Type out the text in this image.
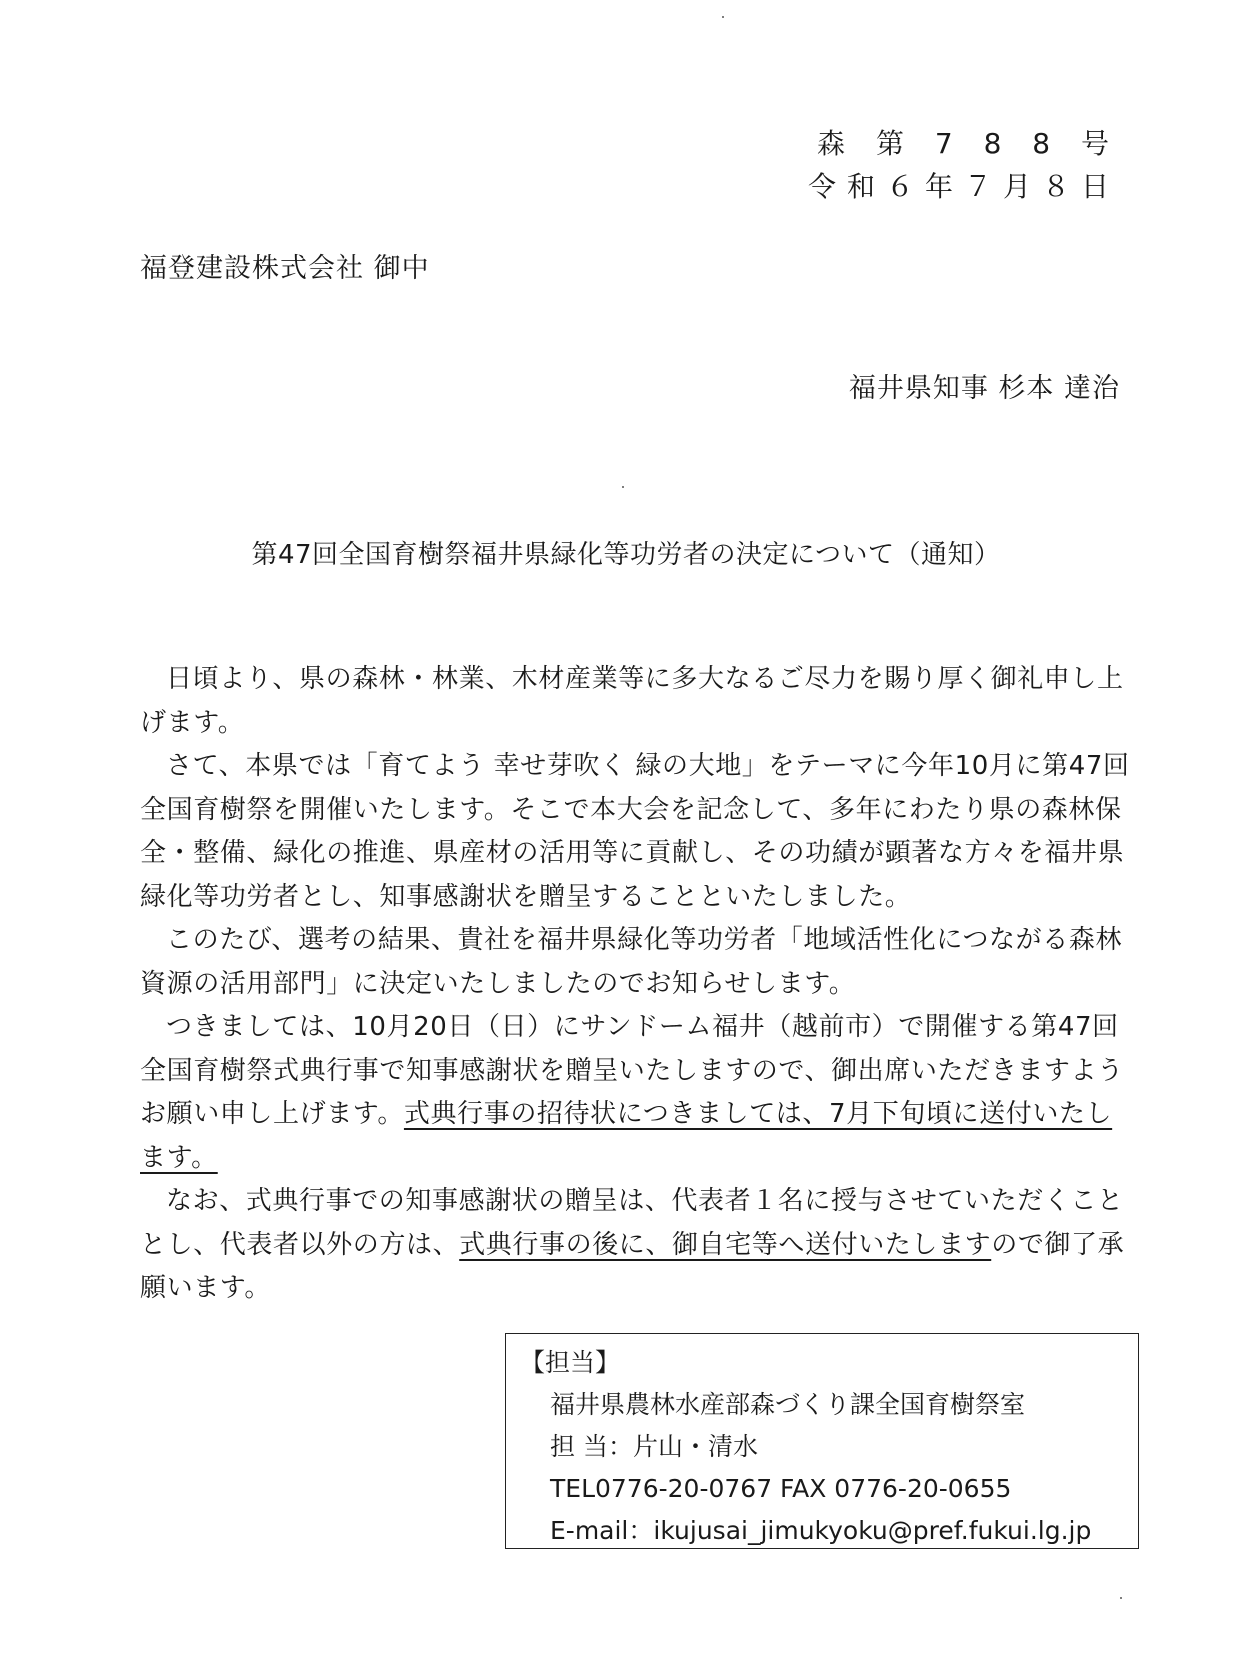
森 第 7 8 8 号
令和６年７月８日
福登建設株式会社 御中
福井県知事 杉本 達治
第47回全国育樹祭福井県緑化等功労者の決定について（通知）

日頃より、県の森林・林業、木材産業等に多大なるご尽力を賜り厚く御礼申し上げます。

さて、本県では「育てよう 幸せ芽吹く 緑の大地」をテーマに今年10月に第47回全国育樹祭を開催いたします。そこで本大会を記念して、多年にわたり県の森林保全・整備、緑化の推進、県産材の活用等に貢献し、その功績が顕著な方々を福井県緑化等功労者とし、知事感謝状を贈呈することといたしました。

このたび、選考の結果、貴社を福井県緑化等功労者「地域活性化につながる森林資源の活用部門」に決定いたしましたのでお知らせします。

つきましては、10月20日（日）にサンドーム福井（越前市）で開催する第47回全国育樹祭式典行事で知事感謝状を贈呈いたしますので、御出席いただきますようお願い申し上げます。式典行事の招待状につきましては、7月下旬頃に送付いたします。

なお、式典行事での知事感謝状の贈呈は、代表者１名に授与させていただくこととし、代表者以外の方は、式典行事の後に、御自宅等へ送付いたしますので御了承願います。

【担当】
福井県農林水産部森づくり課全国育樹祭室
担 当：片山・清水
TEL0776-20-0767 FAX 0776-20-0655
E-mail：ikujusai_jimukyoku@pref.fukui.lg.jp
